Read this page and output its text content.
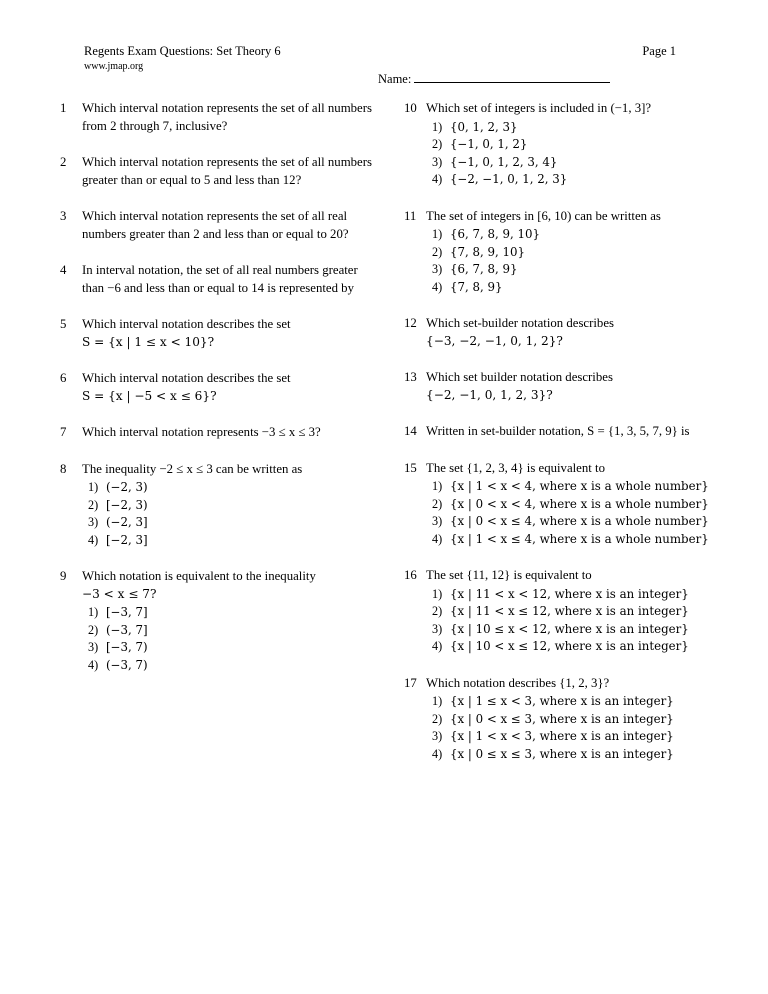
Regents Exam Questions: Set Theory 6	Page 1
www.jmap.org
Name:
1	Which interval notation represents the set of all numbers from 2 through 7, inclusive?
2	Which interval notation represents the set of all numbers greater than or equal to 5 and less than 12?
3	Which interval notation represents the set of all real numbers greater than 2 and less than or equal to 20?
4	In interval notation, the set of all real numbers greater than −6 and less than or equal to 14 is represented by
5	Which interval notation describes the set
S = {x | 1 ≤ x < 10}?
6	Which interval notation describes the set
S = {x | −5 < x ≤ 6}?
7	Which interval notation represents −3 ≤ x ≤ 3?
8	The inequality −2 ≤ x ≤ 3 can be written as
1) (−2, 3)
2) [−2, 3)
3) (−2, 3]
4) [−2, 3]
9	Which notation is equivalent to the inequality
−3 < x ≤ 7?
1) [−3, 7]
2) (−3, 7]
3) [−3, 7)
4) (−3, 7)
10 Which set of integers is included in (−1, 3]?
1) {0, 1, 2, 3}
2) {−1, 0, 1, 2}
3) {−1, 0, 1, 2, 3, 4}
4) {−2, −1, 0, 1, 2, 3}
11 The set of integers in [6, 10) can be written as
1) {6, 7, 8, 9, 10}
2) {7, 8, 9, 10}
3) {6, 7, 8, 9}
4) {7, 8, 9}
12 Which set-builder notation describes
{−3, −2, −1, 0, 1, 2}?
13 Which set builder notation describes
{−2, −1, 0, 1, 2, 3}?
14 Written in set-builder notation, S = {1, 3, 5, 7, 9} is
15 The set {1, 2, 3, 4} is equivalent to
1) {x | 1 < x < 4, where x is a whole number}
2) {x | 0 < x < 4, where x is a whole number}
3) {x | 0 < x ≤ 4, where x is a whole number}
4) {x | 1 < x ≤ 4, where x is a whole number}
16 The set {11, 12} is equivalent to
1) {x | 11 < x < 12, where x is an integer}
2) {x | 11 < x ≤ 12, where x is an integer}
3) {x | 10 ≤ x < 12, where x is an integer}
4) {x | 10 < x ≤ 12, where x is an integer}
17 Which notation describes {1, 2, 3}?
1) {x | 1 ≤ x < 3, where x is an integer}
2) {x | 0 < x ≤ 3, where x is an integer}
3) {x | 1 < x < 3, where x is an integer}
4) {x | 0 ≤ x ≤ 3, where x is an integer}
